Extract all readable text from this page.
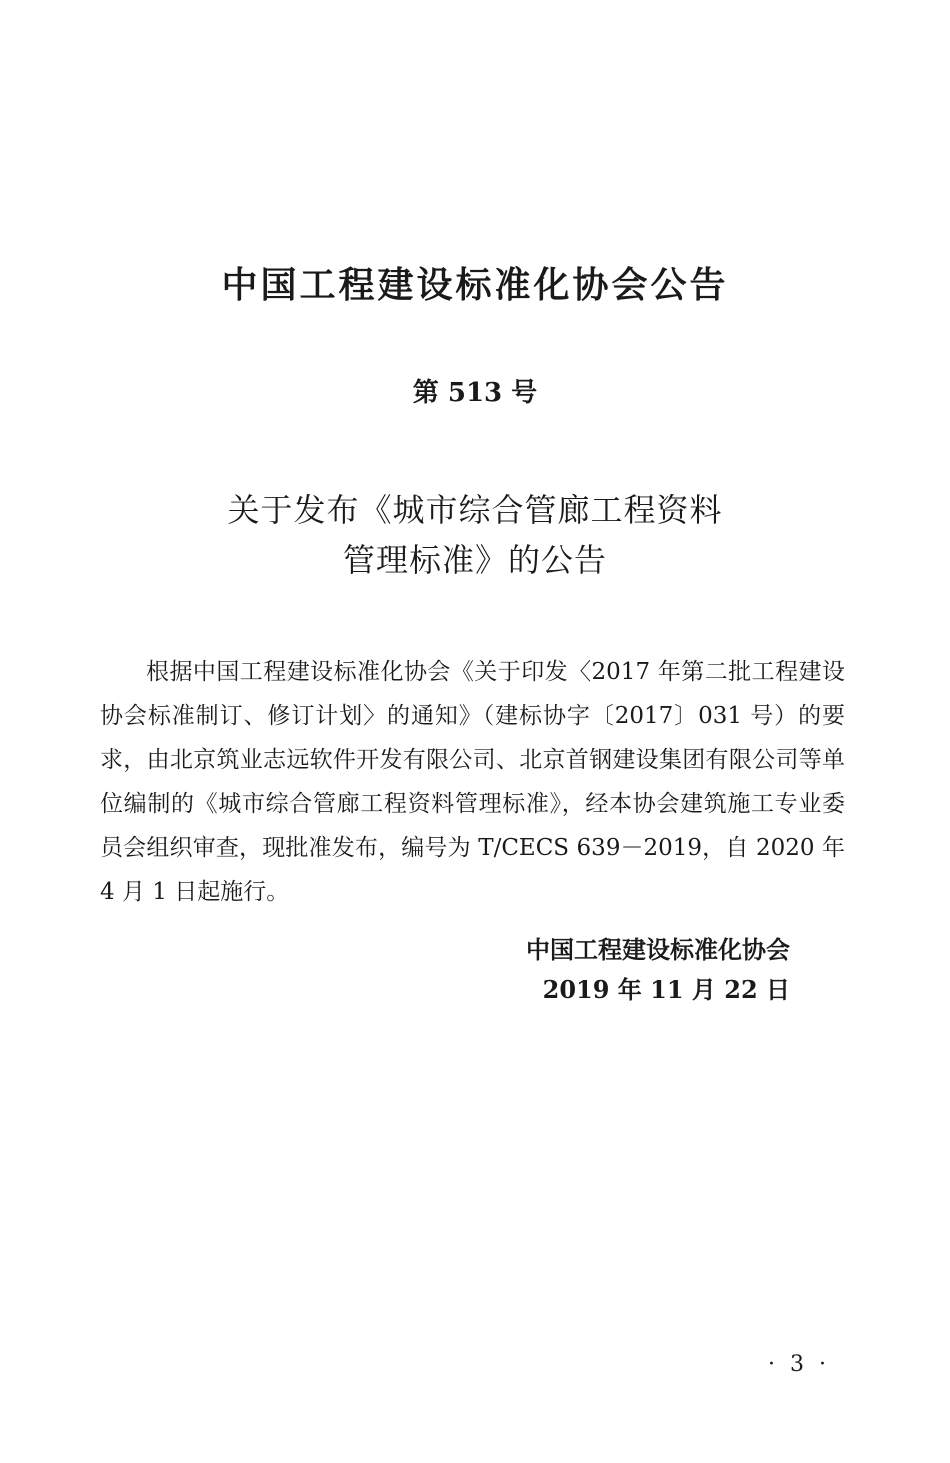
中国工程建设标准化协会公告
第 513 号
关于发布《城市综合管廊工程资料
管理标准》的公告

根据中国工程建设标准化协会《关于印发〈2017 年第二批工程建设协会标准制订、修订计划〉的通知》（建标协字〔2017〕031 号）的要求，由北京筑业志远软件开发有限公司、北京首钢建设集团有限公司等单位编制的《城市综合管廊工程资料管理标准》，经本协会建筑施工专业委员会组织审查，现批准发布，编号为 T/CECS 639－2019，自 2020 年 4 月 1 日起施行。

中国工程建设标准化协会
2019 年 11 月 22 日
· 3 ·
